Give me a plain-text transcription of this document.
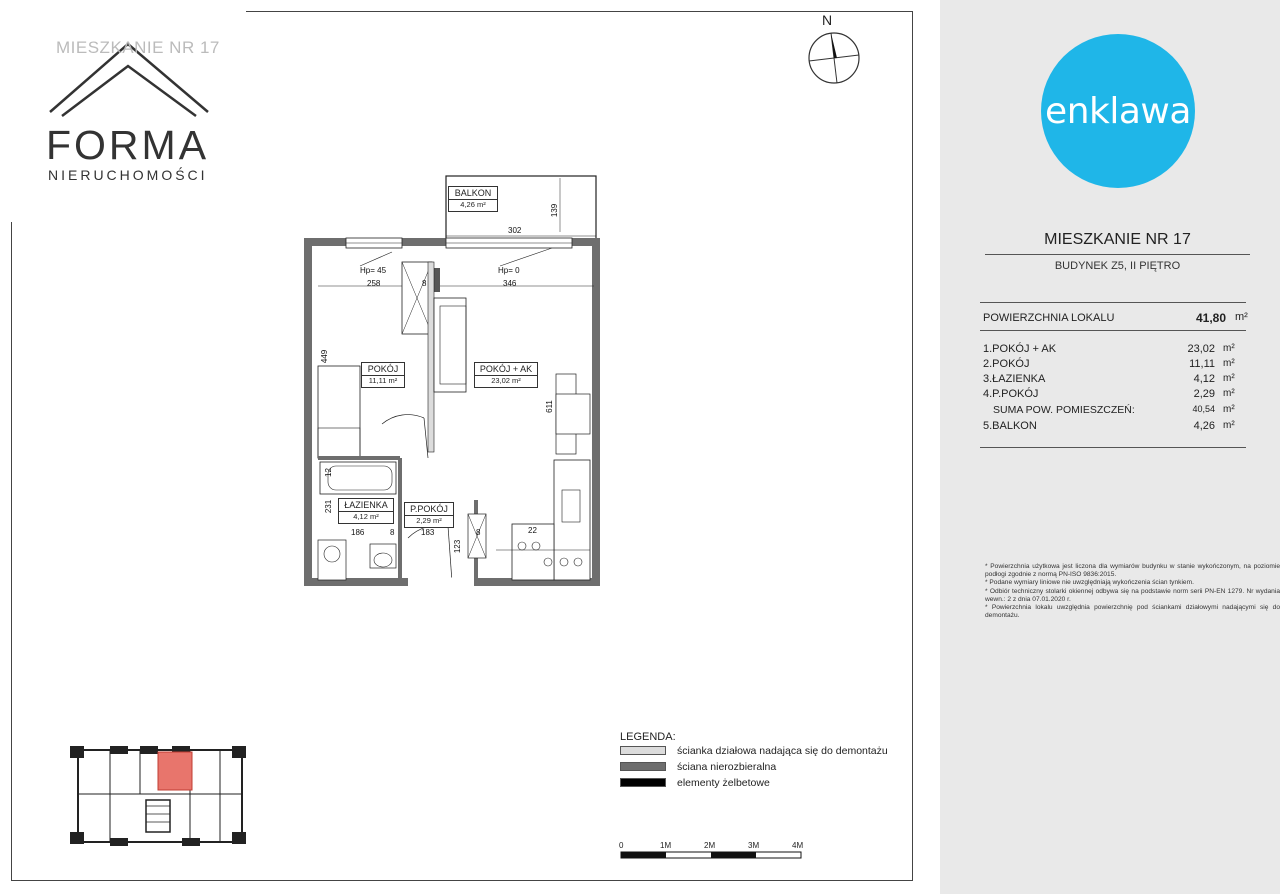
MIESZKANIE NR 17
FORMA
NIERUCHOMOŚCI
N
BALKON
4,26 m²
POKÓJ
11,11 m²
POKÓJ + AK
23,02 m²
ŁAZIENKA
4,12 m²
P.POKÓJ
2,29 m²
302
139
Hp= 45	Hp= 0
258	8	346
449
611
12
231
186	8	183	8
123
22
LEGENDA:
ścianka działowa nadająca się do demontażu
ściana nierozbieralna
elementy żelbetowe
0	1M	2M	3M	4M
enklawa
MIESZKANIE NR 17
BUDYNEK Z5, II PIĘTRO
POWIERZCHNIA LOKALU	41,80 m²
1.POKÓJ + AK	23,02 m²
2.POKÓJ	11,11 m²
3.ŁAZIENKA	4,12 m²
4.P.POKÓJ	2,29 m²
SUMA POW. POMIESZCZEŃ:	40,54 m²
5.BALKON	4,26 m²

* Powierzchnia użytkowa jest liczona dla wymiarów budynku w stanie wykończonym, na poziomie podłogi zgodnie z normą PN-ISO 9836:2015.

* Podane wymiary liniowe nie uwzględniają wykończenia ścian tynkiem.

* Odbiór techniczny stolarki okiennej odbywa się na podstawie norm serii PN-EN 1279. Nr wydania wewn.: 2 z dnia 07.01.2020 r.

* Powierzchnia lokalu uwzględnia powierzchnię pod ściankami działowymi nadającymi się do demontażu.
